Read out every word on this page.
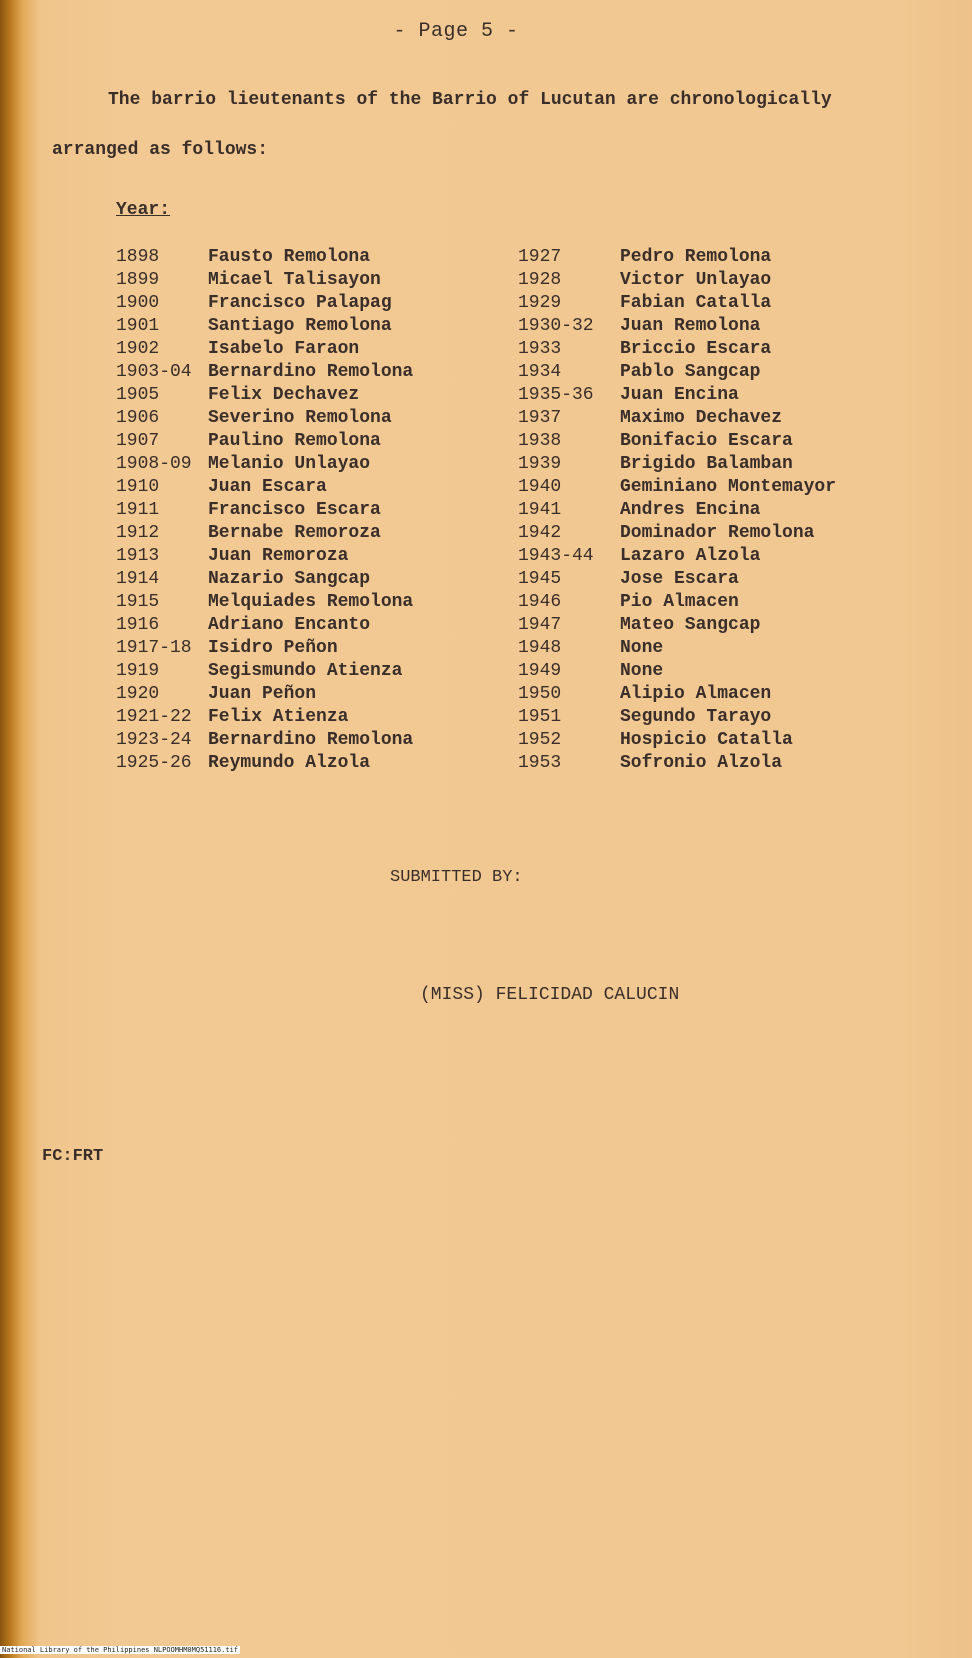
- Page 5 -
The barrio lieutenants of the Barrio of Lucutan are chronologically
arranged as follows:
Year:
1898	Fausto Remolona
1899	Micael Talisayon
1900	Francisco Palapag
1901	Santiago Remolona
1902	Isabelo Faraon
1903-04 Bernardino Remolona
1905	Felix Dechavez
1906	Severino Remolona
1907	Paulino Remolona
1908-09 Melanio Unlayao
1910	Juan Escara
1911	Francisco Escara
1912	Bernabe Remoroza
1913	Juan Remoroza
1914	Nazario Sangcap
1915	Melquiades Remolona
1916	Adriano Encanto
1917-18 Isidro Peñon
1919	Segismundo Atienza
1920	Juan Peñon
1921-22 Felix Atienza
1923-24 Bernardino Remolona
1925-26 Reymundo Alzola
1927	Pedro Remolona
1928	Victor Unlayao
1929	Fabian Catalla
1930-32 Juan Remolona
1933	Briccio Escara
1934	Pablo Sangcap
1935-36 Juan Encina
1937	Maximo Dechavez
1938	Bonifacio Escara
1939	Brigido Balamban
1940	Geminiano Montemayor
1941	Andres Encina
1942	Dominador Remolona
1943-44 Lazaro Alzola
1945	Jose Escara
1946	Pio Almacen
1947	Mateo Sangcap
1948	None
1949	None
1950	Alipio Almacen
1951	Segundo Tarayo
1952	Hospicio Catalla
1953	Sofronio Alzola
SUBMITTED BY:
(MISS) FELICIDAD CALUCIN
FC:FRT
National Library of the Philippines NLPOOMHM0MQ51116.tif
